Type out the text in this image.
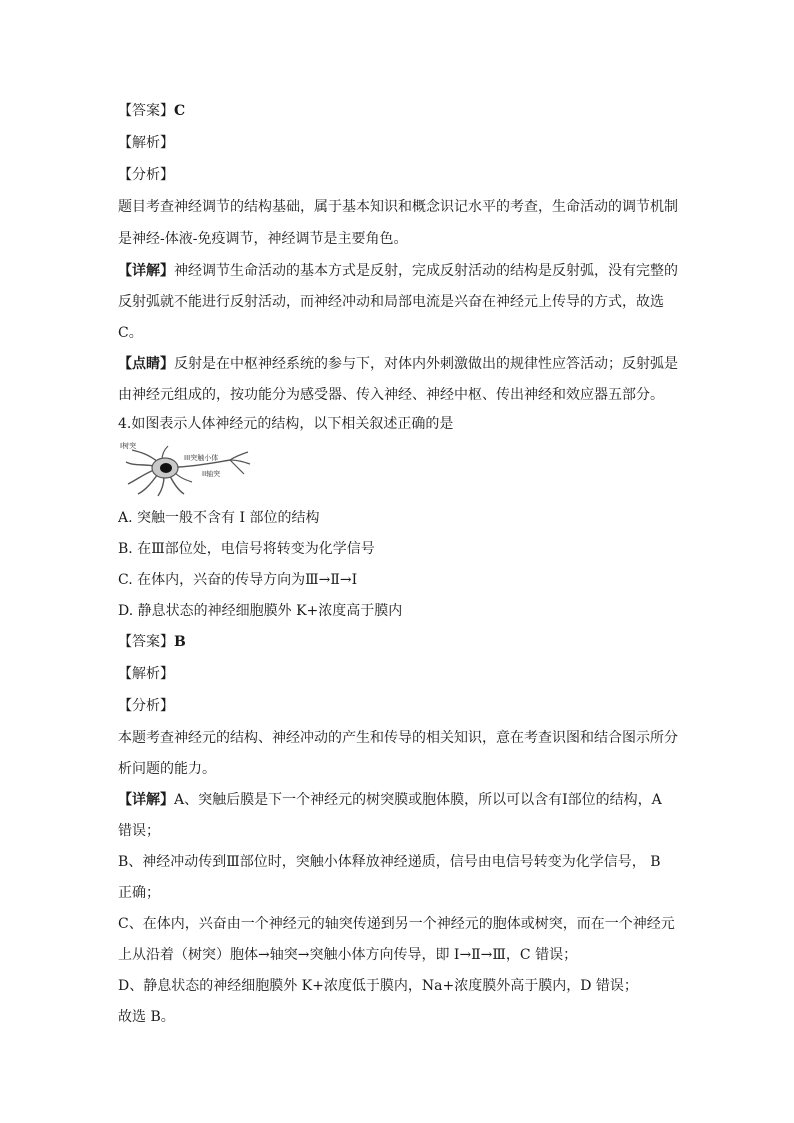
【答案】C
【解析】
【分析】
题目考查神经调节的结构基础，属于基本知识和概念识记水平的考查，生命活动的调节机制
是神经-体液-免疫调节，神经调节是主要角色。
【详解】神经调节生命活动的基本方式是反射，完成反射活动的结构是反射弧，没有完整的
反射弧就不能进行反射活动，而神经冲动和局部电流是兴奋在神经元上传导的方式，故选
C。
【点睛】反射是在中枢神经系统的参与下，对体内外刺激做出的规律性应答活动；反射弧是
由神经元组成的，按功能分为感受器、传入神经、神经中枢、传出神经和效应器五部分。
4.如图表示人体神经元的结构，以下相关叙述正确的是
I树突
III突触小体
II轴突
A. 突触一般不含有 I 部位的结构
B. 在Ⅲ部位处，电信号将转变为化学信号
C. 在体内，兴奋的传导方向为Ⅲ→Ⅱ→I
D. 静息状态的神经细胞膜外 K+浓度高于膜内
【答案】B
【解析】
【分析】
本题考查神经元的结构、神经冲动的产生和传导的相关知识，意在考查识图和结合图示所分
析问题的能力。
【详解】A、突触后膜是下一个神经元的树突膜或胞体膜，所以可以含有Ⅰ部位的结构，A
错误；
B、神经冲动传到Ⅲ部位时，突触小体释放神经递质，信号由电信号转变为化学信号， B
正确；
C、在体内，兴奋由一个神经元的轴突传递到另一个神经元的胞体或树突，而在一个神经元
上从沿着（树突）胞体→轴突→突触小体方向传导，即 I→Ⅱ→Ⅲ，C 错误；
D、静息状态的神经细胞膜外 K+浓度低于膜内，Na+浓度膜外高于膜内，D 错误；
故选 B。
